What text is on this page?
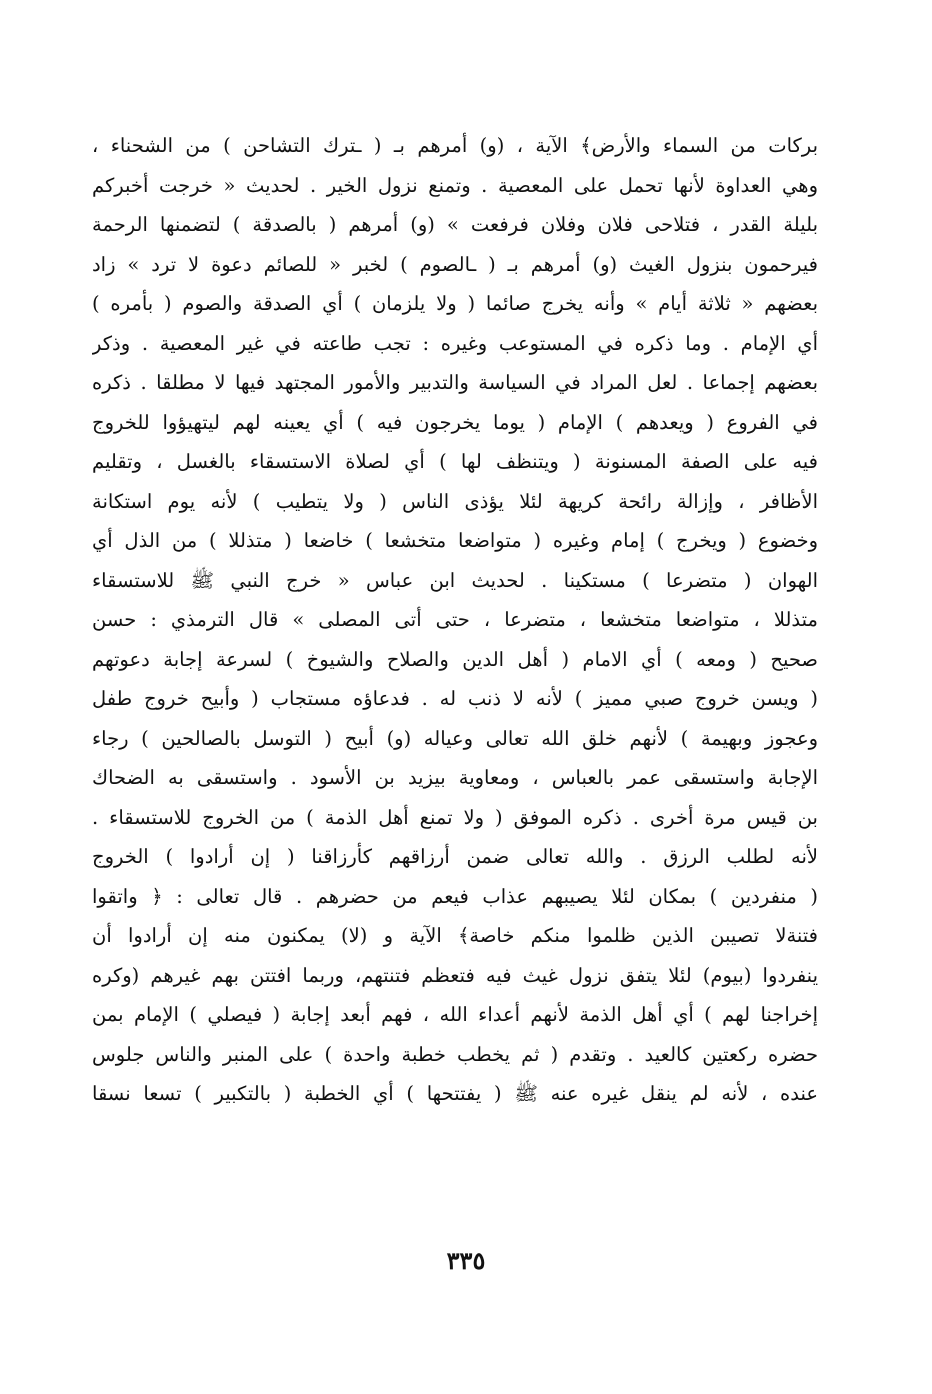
بركات من السماء والأرض﴾ الآية ، (و) أمرهم بـ ( ـترك التشاحن ) من الشحناء ،
وهي العداوة لأنها تحمل على المعصية . وتمنع نزول الخير . لحديث « خرجت أخبركم
بليلة القدر ، فتلاحى فلان وفلان فرفعت » (و) أمرهم ( بالصدقة ) لتضمنها الرحمة
فيرحمون بنزول الغيث (و) أمرهم بـ ( ـالصوم ) لخبر « للصائم دعوة لا ترد » زاد
بعضهم « ثلاثة أيام » وأنه يخرج صائما ( ولا يلزمان ) أي الصدقة والصوم ( بأمره )
أي الإمام . وما ذكره في المستوعب وغيره : تجب طاعته في غير المعصية . وذكر
بعضهم إجماعا . لعل المراد في السياسة والتدبير والأمور المجتهد فيها لا مطلقا . ذكره
في الفروع ( ويعدهم ) الإمام ( يوما يخرجون فيه ) أي يعينه لهم ليتهيؤوا للخروج
فيه على الصفة المسنونة ( ويتنظف لها ) أي لصلاة الاستسقاء بالغسل ، وتقليم
الأظافر ، وإزالة رائحة كريهة لئلا يؤذى الناس ( ولا يتطيب ) لأنه يوم استكانة
وخضوع ( ويخرج ) إمام وغيره ( متواضعا متخشعا ) خاضعا ( متذللا ) من الذل أي
الهوان ( متضرعا ) مستكينا . لحديث ابن عباس « خرج النبي ﷺ للاستسقاء
متذللا ، متواضعا متخشعا ، متضرعا ، حتى أتى المصلى » قال الترمذي : حسن
صحيح ( ومعه ) أي الامام ( أهل الدين والصلاح والشيوخ ) لسرعة إجابة دعوتهم
( ويسن خروج صبي مميز ) لأنه لا ذنب له . فدعاؤه مستجاب ( وأبيح خروج طفل
وعجوز وبهيمة ) لأنهم خلق الله تعالى وعياله (و) أبيح ( التوسل بالصالحين ) رجاء
الإجابة واستسقى عمر بالعباس ، ومعاوية بيزيد بن الأسود . واستسقى به الضحاك
بن قيس مرة أخرى . ذكره الموفق ( ولا تمنع أهل الذمة ) من الخروج للاستسقاء .
لأنه لطلب الرزق . والله تعالى ضمن أرزاقهم كأرزاقنا ( إن أرادوا ) الخروج
( منفردين ) بمكان لئلا يصيبهم عذاب فيعم من حضرهم . قال تعالى : ﴿ واتقوا
فتنةلا تصيبن الذين ظلموا منكم خاصة﴾ الآية و (لا) يمكنون منه إن أرادوا أن
ينفردوا (بيوم) لئلا يتفق نزول غيث فيه فتعظم فتنتهم، وربما افتتن بهم غيرهم (وكره
إخراجنا لهم ) أي أهل الذمة لأنهم أعداء الله ، فهم أبعد إجابة ( فيصلي ) الإمام بمن
حضره ركعتين كالعيد . وتقدم ( ثم يخطب خطبة واحدة ) على المنبر والناس جلوس
عنده ، لأنه لم ينقل غيره عنه ﷺ ( يفتتحها ) أي الخطبة ( بالتكبير ) تسعا نسقا
٣٣٥
